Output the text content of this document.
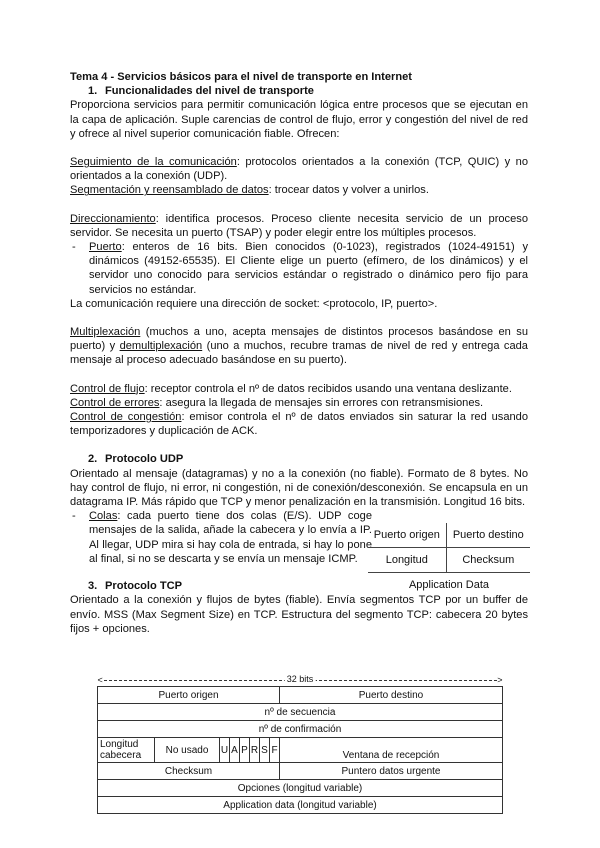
Tema 4 - Servicios básicos para el nivel de transporte en Internet

1. Funcionalidades del nivel de transporte

Proporciona servicios para permitir comunicación lógica entre procesos que se ejecutan en la capa de aplicación. Suple carencias de control de flujo, error y congestión del nivel de red y ofrece al nivel superior comunicación fiable. Ofrecen:

Seguimiento de la comunicación: protocolos orientados a la conexión (TCP, QUIC) y no orientados a la conexión (UDP).

Segmentación y reensamblado de datos: trocear datos y volver a unirlos.

Direccionamiento: identifica procesos. Proceso cliente necesita servicio de un proceso servidor. Se necesita un puerto (TSAP) y poder elegir entre los múltiples procesos.

- Puerto: enteros de 16 bits. Bien conocidos (0-1023), registrados (1024-49151) y dinámicos (49152-65535). El Cliente elige un puerto (efímero, de los dinámicos) y el servidor uno conocido para servicios estándar o registrado o dinámico pero fijo para servicios no estándar.

La comunicación requiere una dirección de socket: <protocolo, IP, puerto>.

Multiplexación (muchos a uno, acepta mensajes de distintos procesos basándose en su puerto) y demultiplexación (uno a muchos, recubre tramas de nivel de red y entrega cada mensaje al proceso adecuado basándose en su puerto).

Control de flujo: receptor controla el nº de datos recibidos usando una ventana deslizante.

Control de errores: asegura la llegada de mensajes sin errores con retransmisiones.

Control de congestión: emisor controla el nº de datos enviados sin saturar la red usando temporizadores y duplicación de ACK.

2. Protocolo UDP

Orientado al mensaje (datagramas) y no a la conexión (no fiable). Formato de 8 bytes. No hay control de flujo, ni error, ni congestión, ni de conexión/desconexión. Se encapsula en un datagrama IP. Más rápido que TCP y menor penalización en la transmisión. Longitud 16 bits.

- Colas: cada puerto tiene dos colas (E/S). UDP coge mensajes de la salida, añade la cabecera y lo envía a IP. Al llegar, UDP mira si hay cola de entrada, si hay lo pone al final, si no se descarta y se envía un mensaje ICMP.

Puerto origen	Puerto destino
Longitud	Checksum
Application Data	

3. Protocolo TCP

Orientado a la conexión y flujos de bytes (fiable). Envía segmentos TCP por un buffer de envío. MSS (Max Segment Size) en TCP. Estructura del segmento TCP: cabecera 20 bytes fijos + opciones.

< 32 bits >								

Puerto origen								Puerto destino
nº de secuencia								
nº de confirmación								
Longitud cabecera	No usado	U	A	P	R	S	F	Ventana de recepción
Checksum								Puntero datos urgente
Opciones (longitud variable)								
Application data (longitud variable)								
